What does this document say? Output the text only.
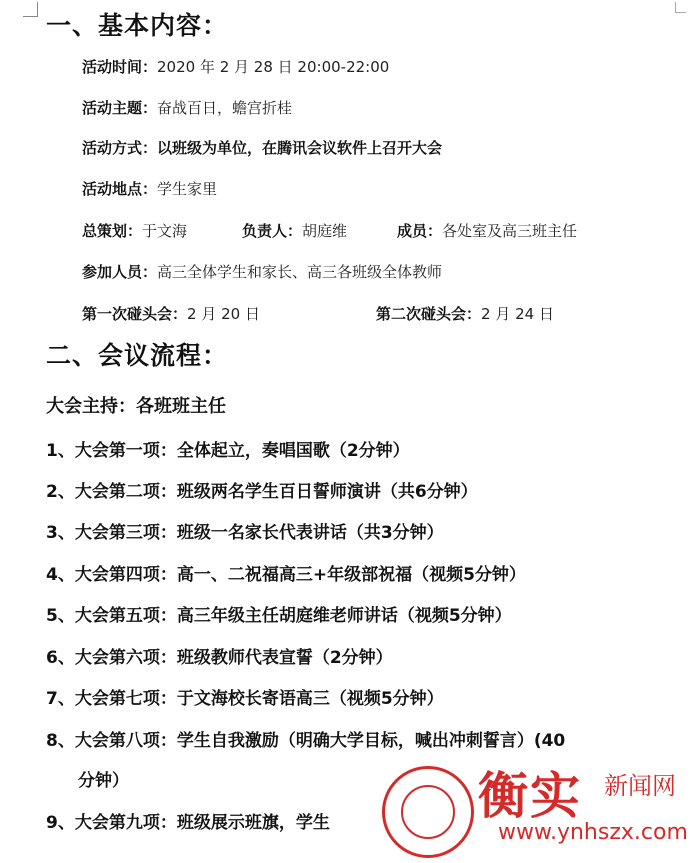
一、基本内容：
活动时间：2020 年 2 月 28 日 20:00-22:00
活动主题：奋战百日，蟾宫折桂
活动方式：以班级为单位，在腾讯会议软件上召开大会
活动地点：学生家里
总策划：于文海	负责人：胡庭维	成员：各处室及高三班主任
参加人员：高三全体学生和家长、高三各班级全体教师
第一次碰头会：2 月 20 日	第二次碰头会：2 月 24 日
二、会议流程：
大会主持：各班班主任
1、大会第一项：全体起立，奏唱国歌（2分钟）
2、大会第二项：班级两名学生百日誓师演讲（共6分钟）
3、大会第三项：班级一名家长代表讲话（共3分钟）
4、大会第四项：高一、二祝福高三+年级部祝福（视频5分钟）
5、大会第五项：高三年级主任胡庭维老师讲话（视频5分钟）
6、大会第六项：班级教师代表宣誓（2分钟）
7、大会第七项：于文海校长寄语高三（视频5分钟）
8、大会第八项：学生自我激励（明确大学目标，喊出冲刺誓言）(40
分钟）
9、大会第九项：班级展示班旗，学生	衡实 新闻网
www.ynhszx.com
